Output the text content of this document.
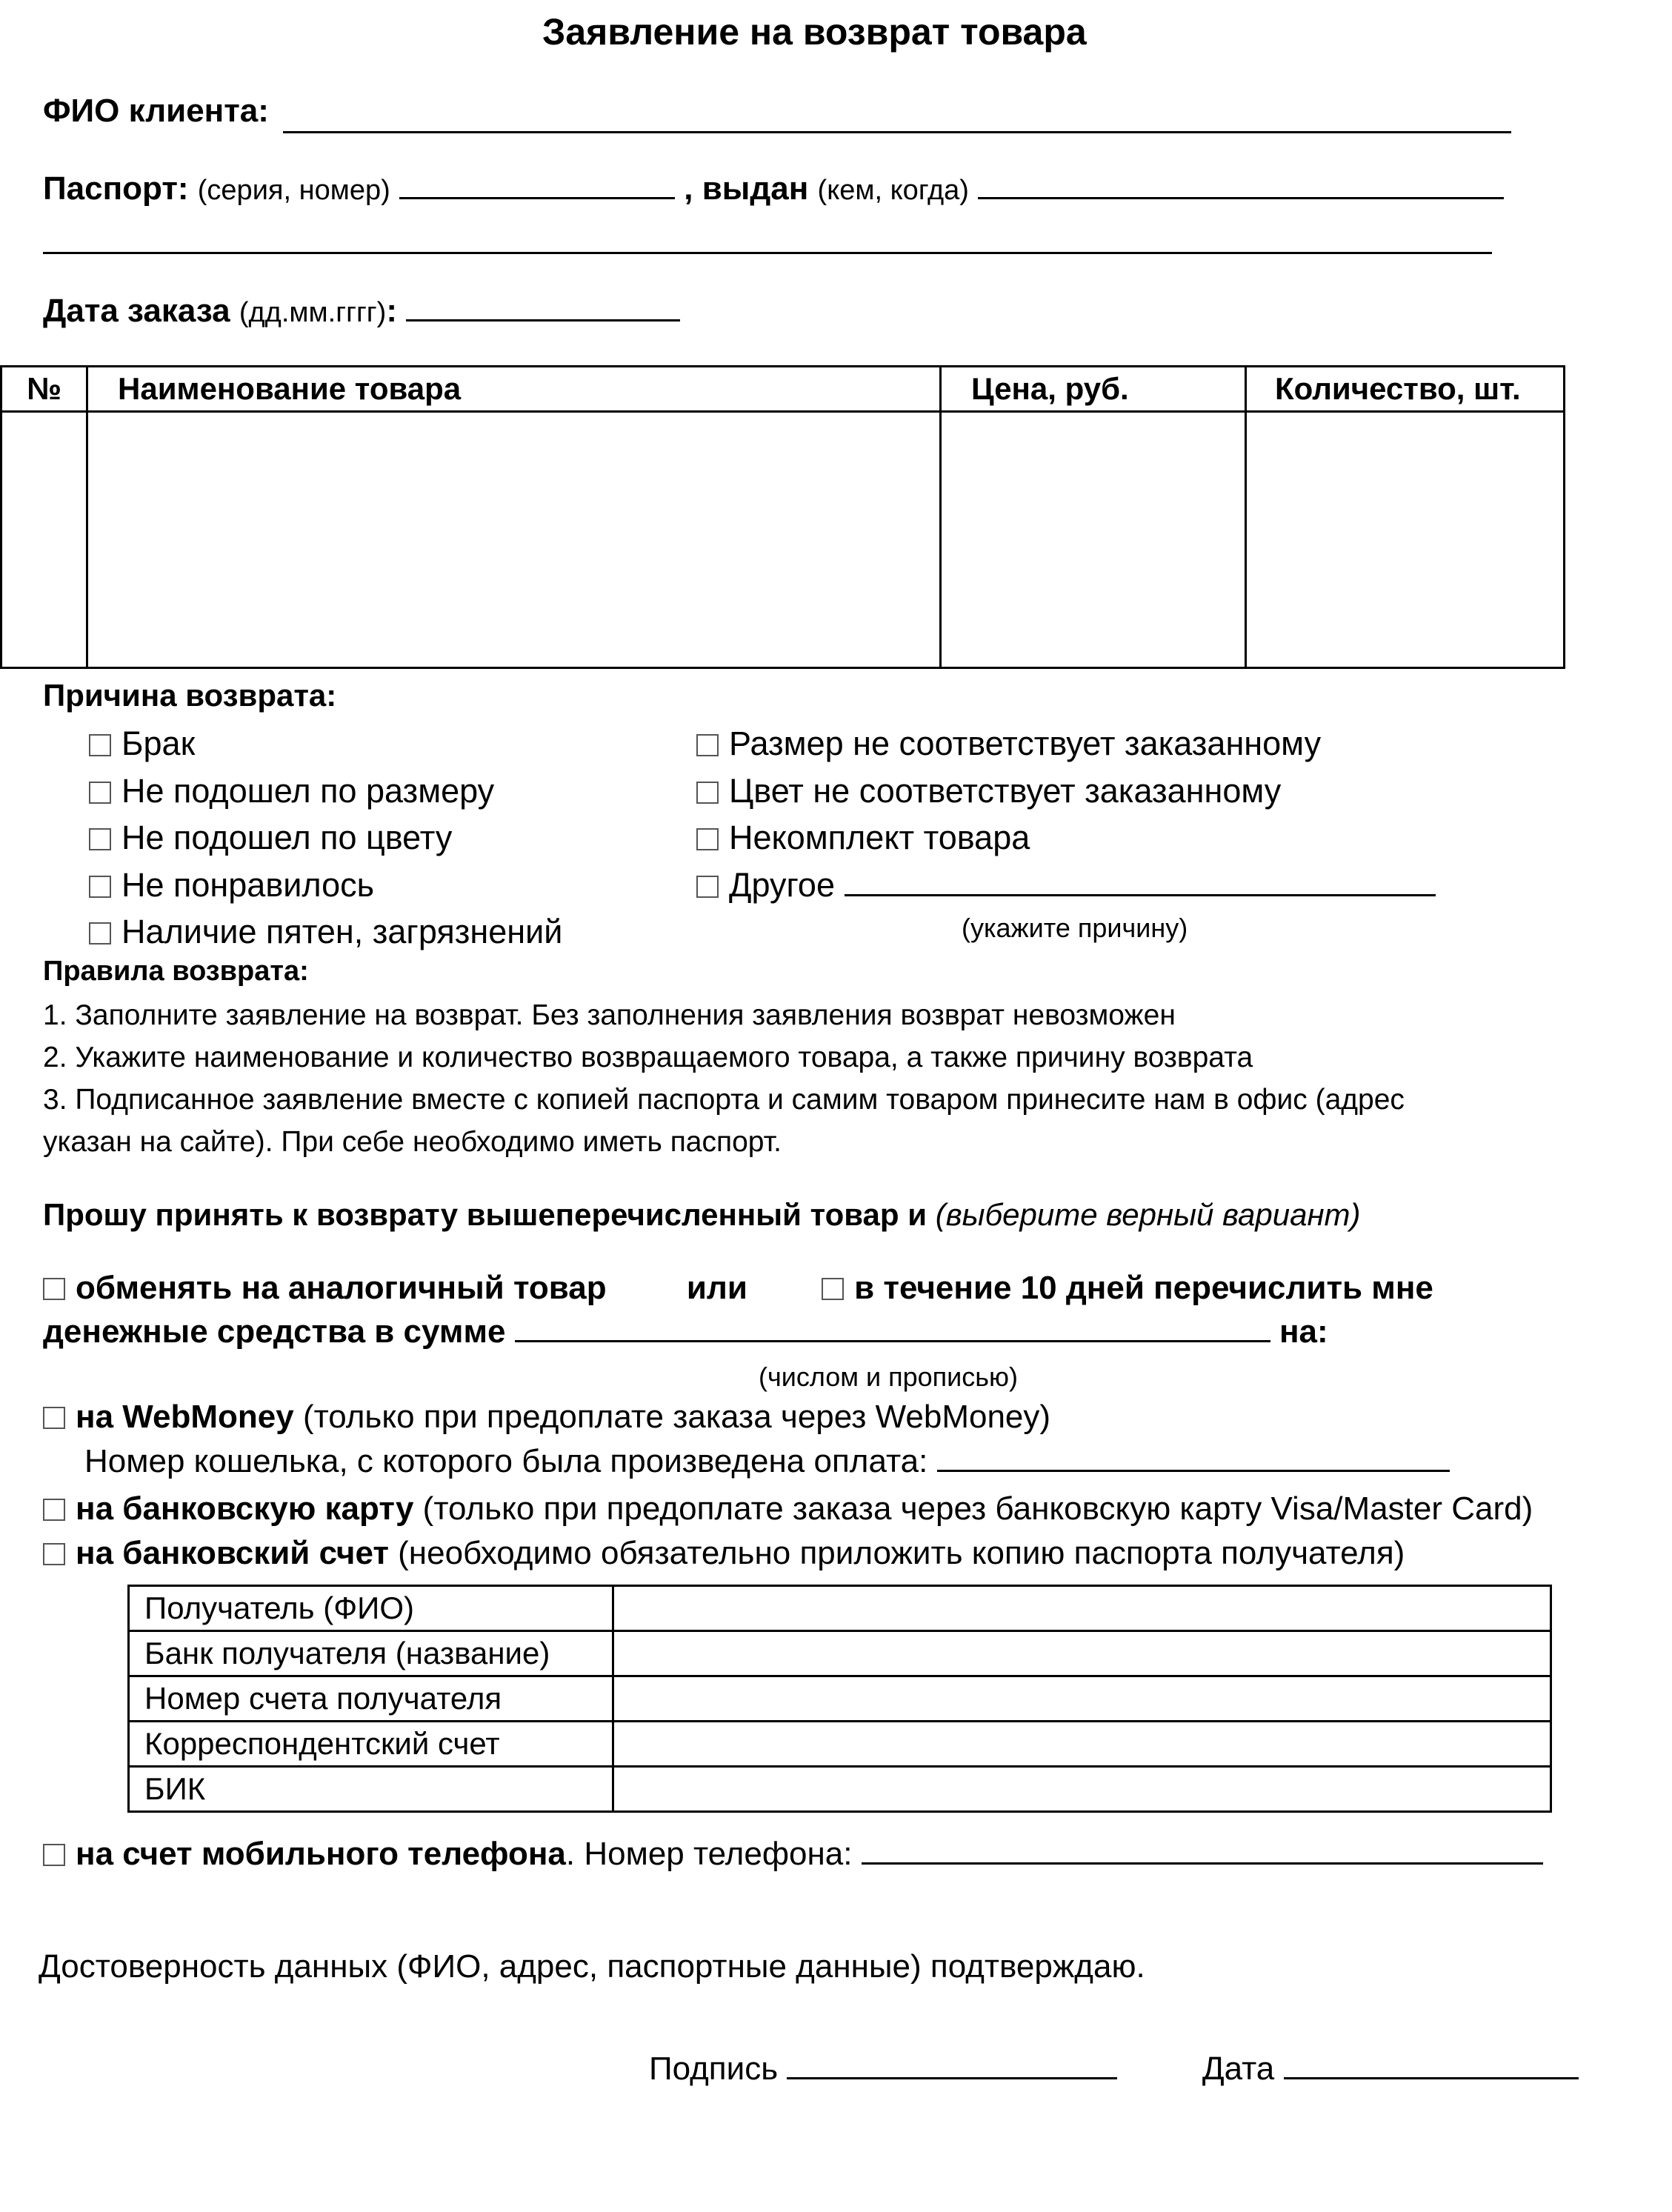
Заявление на возврат товара
ФИО клиента:
Паспорт: (серия, номер)	, выдан (кем, когда)
Дата заказа (дд.мм.гггг):
№	Наименование товара	Цена, руб.	Количество, шт.

Причина возврата:
Брак
Не подошел по размеру
Не подошел по цвету
Не понравилось
Наличие пятен, загрязнений
Размер не соответствует заказанному
Цвет не соответствует заказанному
Некомплект товара
Другое
(укажите причину)
Правила возврата:
1. Заполните заявление на возврат. Без заполнения заявления возврат невозможен
2. Укажите наименование и количество возвращаемого товара, а также причину возврата
3. Подписанное заявление вместе с копией паспорта и самим товаром принесите нам в офис (адрес
указан на сайте). При себе необходимо иметь паспорт.
Прошу принять к возврату вышеперечисленный товар и (выберите верный вариант)
обменять на аналогичный товар или	в течение 10 дней перечислить мне
денежные средства в сумме	на:
(числом и прописью)
на WebMoney (только при предоплате заказа через WebMoney)
Номер кошелька, с которого была произведена оплата:
на банковскую карту (только при предоплате заказа через банковскую карту Visa/Master Card)
на банковский счет (необходимо обязательно приложить копию паспорта получателя)
Получатель (ФИО)	
Банк получателя (название)	
Номер счета получателя	
Корреспондентский счет	
БИК	
на счет мобильного телефона. Номер телефона:
Достоверность данных (ФИО, адрес, паспортные данные) подтверждаю.
Подпись	Дата
